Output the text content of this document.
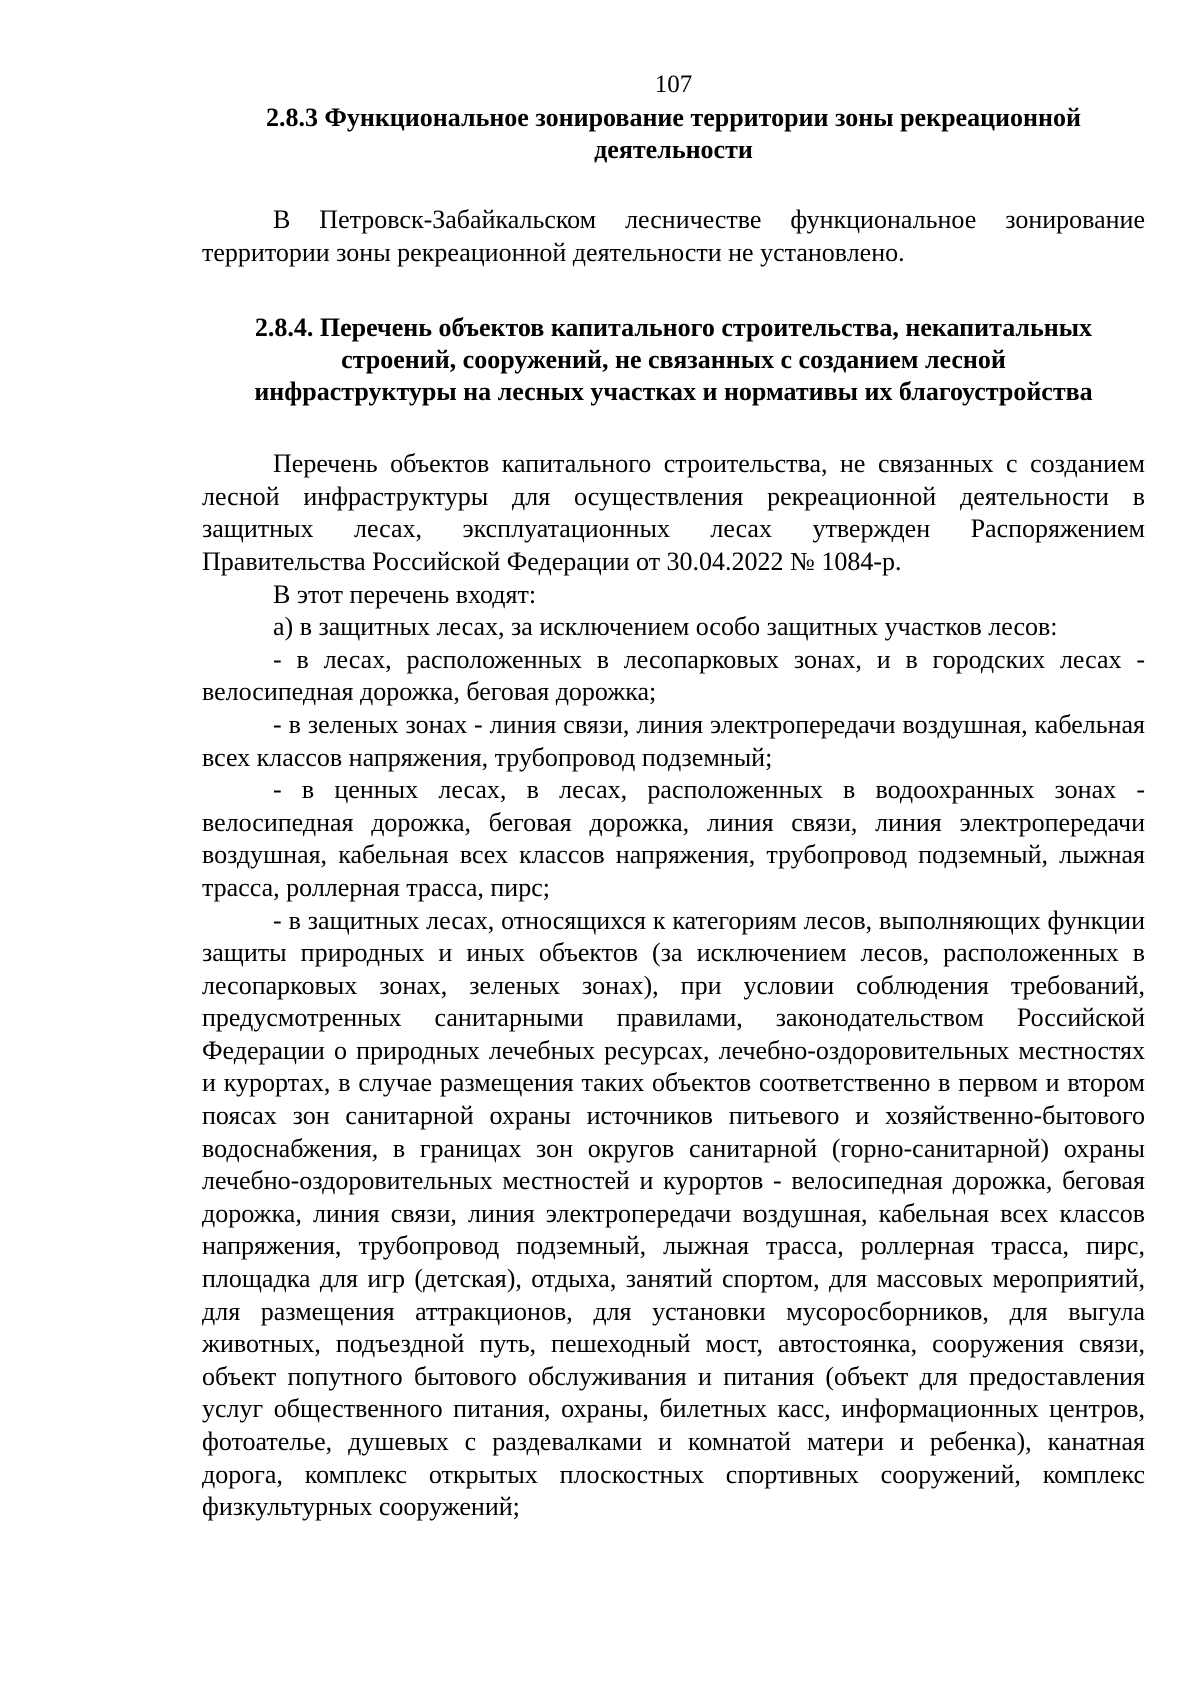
107
2.8.3 Функциональное зонирование территории зоны рекреационной
деятельности

В Петровск-Забайкальском лесничестве функциональное зонирование территории зоны рекреационной деятельности не установлено.

2.8.4. Перечень объектов капитального строительства, некапитальных
строений, сооружений, не связанных с созданием лесной
инфраструктуры на лесных участках и нормативы их благоустройства

Перечень объектов капитального строительства, не связанных с созданием лесной инфраструктуры для осуществления рекреационной деятельности в защитных лесах, эксплуатационных лесах утвержден Распоряжением Правительства Российской Федерации от 30.04.2022 № 1084-р.

В этот перечень входят:

а) в защитных лесах, за исключением особо защитных участков лесов:

- в лесах, расположенных в лесопарковых зонах, и в городских лесах - велосипедная дорожка, беговая дорожка;

- в зеленых зонах - линия связи, линия электропередачи воздушная, кабельная всех классов напряжения, трубопровод подземный;

- в ценных лесах, в лесах, расположенных в водоохранных зонах - велосипедная дорожка, беговая дорожка, линия связи, линия электропередачи воздушная, кабельная всех классов напряжения, трубопровод подземный, лыжная трасса, роллерная трасса, пирс;

- в защитных лесах, относящихся к категориям лесов, выполняющих функции защиты природных и иных объектов (за исключением лесов, расположенных в лесопарковых зонах, зеленых зонах), при условии соблюдения требований, предусмотренных санитарными правилами, законодательством Российской Федерации о природных лечебных ресурсах, лечебно-оздоровительных местностях и курортах, в случае размещения таких объектов соответственно в первом и втором поясах зон санитарной охраны источников питьевого и хозяйственно-бытового водоснабжения, в границах зон округов санитарной (горно-санитарной) охраны лечебно-оздоровительных местностей и курортов - велосипедная дорожка, беговая дорожка, линия связи, линия электропередачи воздушная, кабельная всех классов напряжения, трубопровод подземный, лыжная трасса, роллерная трасса, пирс, площадка для игр (детская), отдыха, занятий спортом, для массовых мероприятий, для размещения аттракционов, для установки мусоросборников, для выгула животных, подъездной путь, пешеходный мост, автостоянка, сооружения связи, объект попутного бытового обслуживания и питания (объект для предоставления услуг общественного питания, охраны, билетных касс, информационных центров, фотоателье, душевых с раздевалками и комнатой матери и ребенка), канатная дорога, комплекс открытых плоскостных спортивных сооружений, комплекс физкультурных сооружений;
